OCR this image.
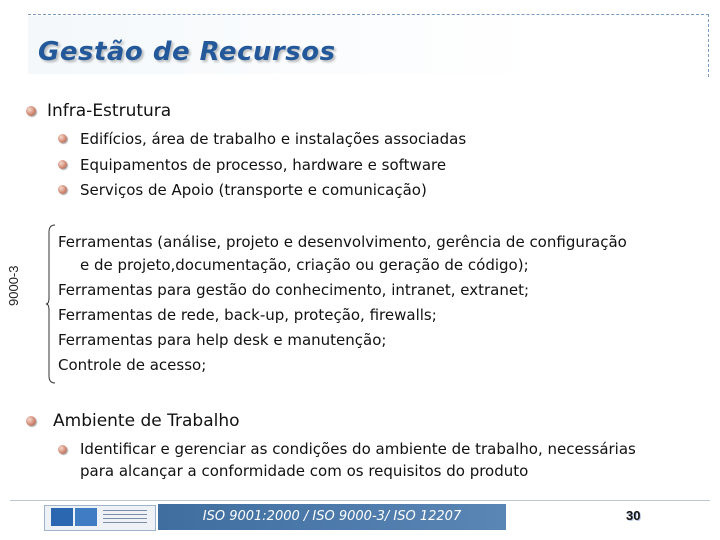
Gestão de Recursos
Infra-Estrutura
Edifícios, área de trabalho e instalações associadas
Equipamentos de processo, hardware e software
Serviços de Apoio (transporte e comunicação)
9000-3
Ferramentas (análise, projeto e desenvolvimento, gerência de configuração
e de projeto,documentação, criação ou geração de código);
Ferramentas para gestão do conhecimento, intranet, extranet;
Ferramentas de rede, back-up, proteção, firewalls;
Ferramentas para help desk e manutenção;
Controle de acesso;
Ambiente de Trabalho
Identificar e gerenciar as condições do ambiente de trabalho, necessárias
para alcançar a conformidade com os requisitos do produto
ISO 9001:2000 / ISO 9000-3/ ISO 12207	30
